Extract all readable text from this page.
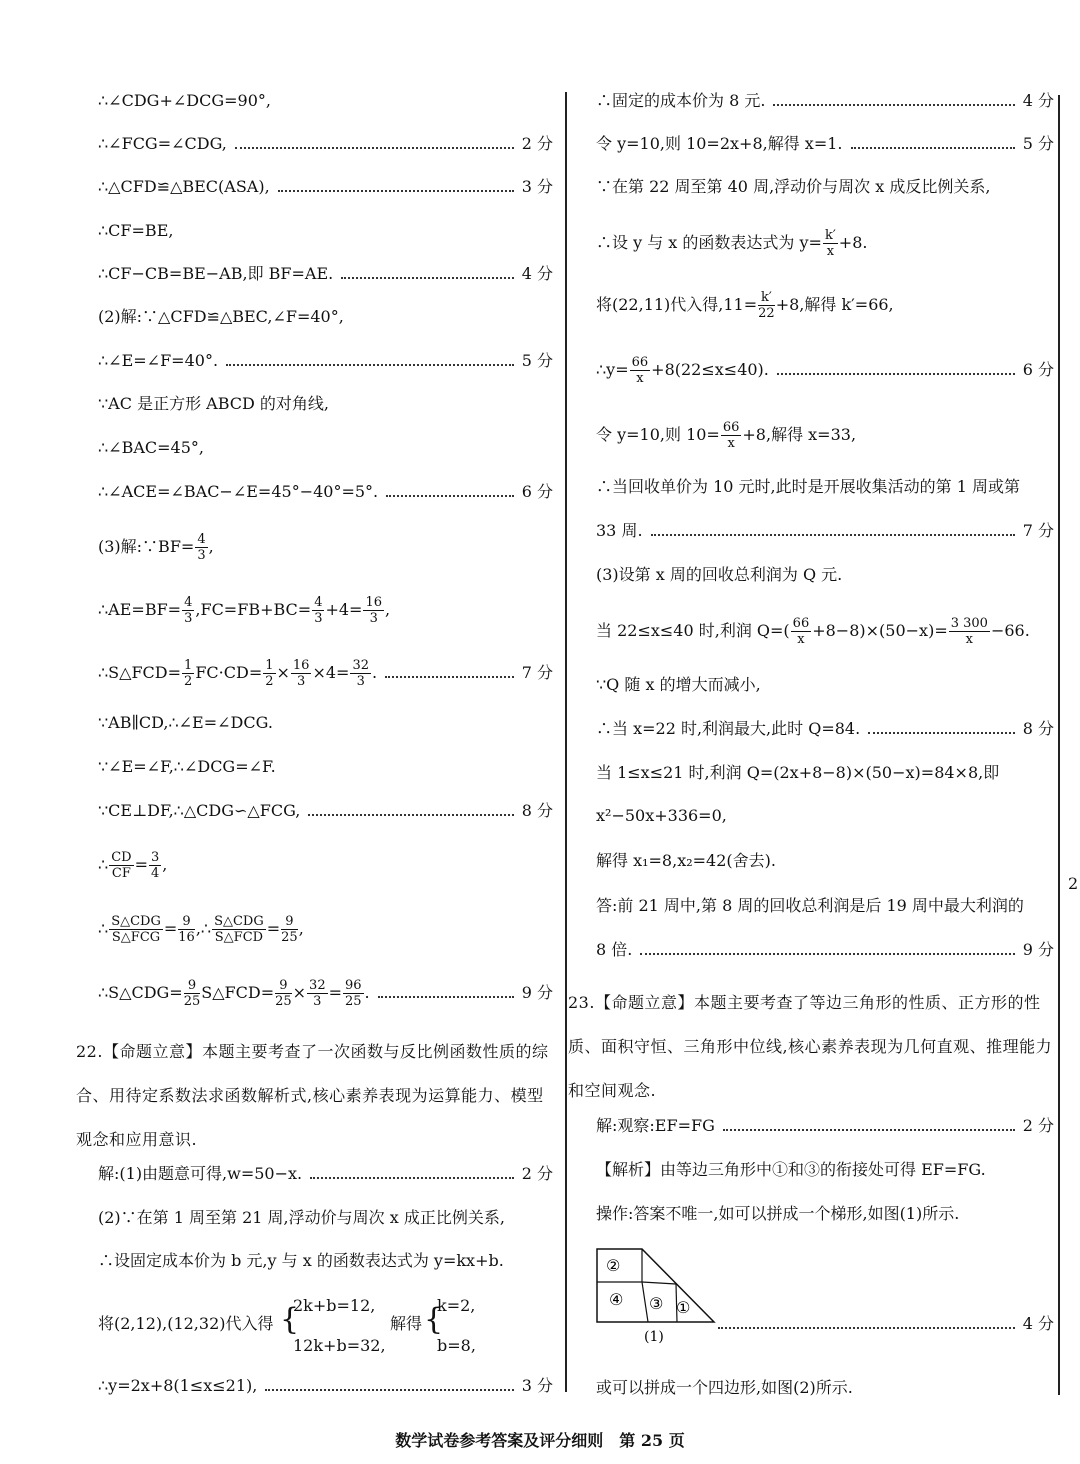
2
∴∠CDG+∠DCG=90°,
∴∠FCG=∠CDG,	2 分
∴△CFD≌△BEC(ASA),	3 分
∴CF=BE,
∴CF−CB=BE−AB,即 BF=AE.	4 分
(2)解:∵△CFD≌△BEC,∠F=40°,
∴∠E=∠F=40°.	5 分
∵AC 是正方形 ABCD 的对角线,
∴∠BAC=45°,
∴∠ACE=∠BAC−∠E=45°−40°=5°.	6 分
(3)解:∵BF= $\frac{4}{3}$ ,
∴AE=BF= $\frac{4}{3} ,FC=FB+BC= \frac{4}{3} +4= \frac{16}{3}$ ,
∴S△FCD= $\frac{1}{2} FC\cdot CD= \frac{1}{2} \times \frac{16}{3} \times 4= \frac{32}{3}$ .	7 分
∵AB∥CD,∴∠E=∠DCG.
∵∠E=∠F,∴∠DCG=∠F.
∵CE⊥DF,∴△CDG∽△FCG,	8 分
∴ $\frac{CD}{CF} = \frac{3}{4}$ ,
∴ $\frac{\text{S△CDG}}{\text{S△FCG}} = \frac{9}{16}$ ,∴ $\frac{\text{S△CDG}}{\text{S△FCD}} = \frac{9}{25}$ ,
∴S△CDG= $\frac{9}{25}$ S△FCD= $\frac{9}{25} \times \frac{32}{3} = \frac{96}{25}$ .	9 分
22.【命题立意】本题主要考查了一次函数与反比例函数性质的综合、用待定系数法求函数解析式,核心素养表现为运算能力、模型观念和应用意识.
解:(1)由题意可得,w=50−x.	2 分
(2)∵在第 1 周至第 21 周,浮动价与周次 x 成正比例关系,
∴设固定成本价为 b 元,y 与 x 的函数表达式为 y=kx+b.
将(2,12),(12,32)代入得 {
2k+b=12,
12k+b=32,
解得 {
k=2,
b=8,
∴y=2x+8(1≤x≤21),	3 分
∴固定的成本价为 8 元.	4 分
令 y=10,则 10=2x+8,解得 x=1.	5 分
∵在第 22 周至第 40 周,浮动价与周次 x 成反比例关系,
∴设 y 与 x 的函数表达式为 $y= \frac{k'}{x} +8$.
将(22,11)代入得$,11= \frac{k'}{22} +8$,解得 k′=66,
∴y= $\frac{66}{x} +8(22\le x\le 40)$.	6 分
令 y=10,则 $10= \frac{66}{x} +8$,解得 x=33,
∴当回收单价为 10 元时,此时是开展收集活动的第 1 周或第
33 周.	7 分
(3)设第 x 周的回收总利润为 Q 元.
当 22≤x≤40 时,利润 $Q=( \frac{66}{x} +8-8)\times(50-x)= \frac{3 300}{x} -66$.
∵Q 随 x 的增大而减小,
∴当 x=22 时,利润最大,此时 Q=84.	8 分
当 1≤x≤21 时,利润 Q=(2x+8−8)×(50−x)=84×8,即
x²−50x+336=0,
解得 x₁=8,x₂=42(舍去).
答:前 21 周中,第 8 周的回收总利润是后 19 周中最大利润的
8 倍.	9 分
23.【命题立意】本题主要考查了等边三角形的性质、正方形的性质、面积守恒、三角形中位线,核心素养表现为几何直观、推理能力和空间观念.
解:观察:EF=FG	2 分
【解析】由等边三角形中①和③的衔接处可得 EF=FG.
操作:答案不唯一,如可以拼成一个梯形,如图(1)所示.
4 分
或可以拼成一个四边形,如图(2)所示.
②
④ ③ ①
(1)
数学试卷参考答案及评分细则　第 25 页
